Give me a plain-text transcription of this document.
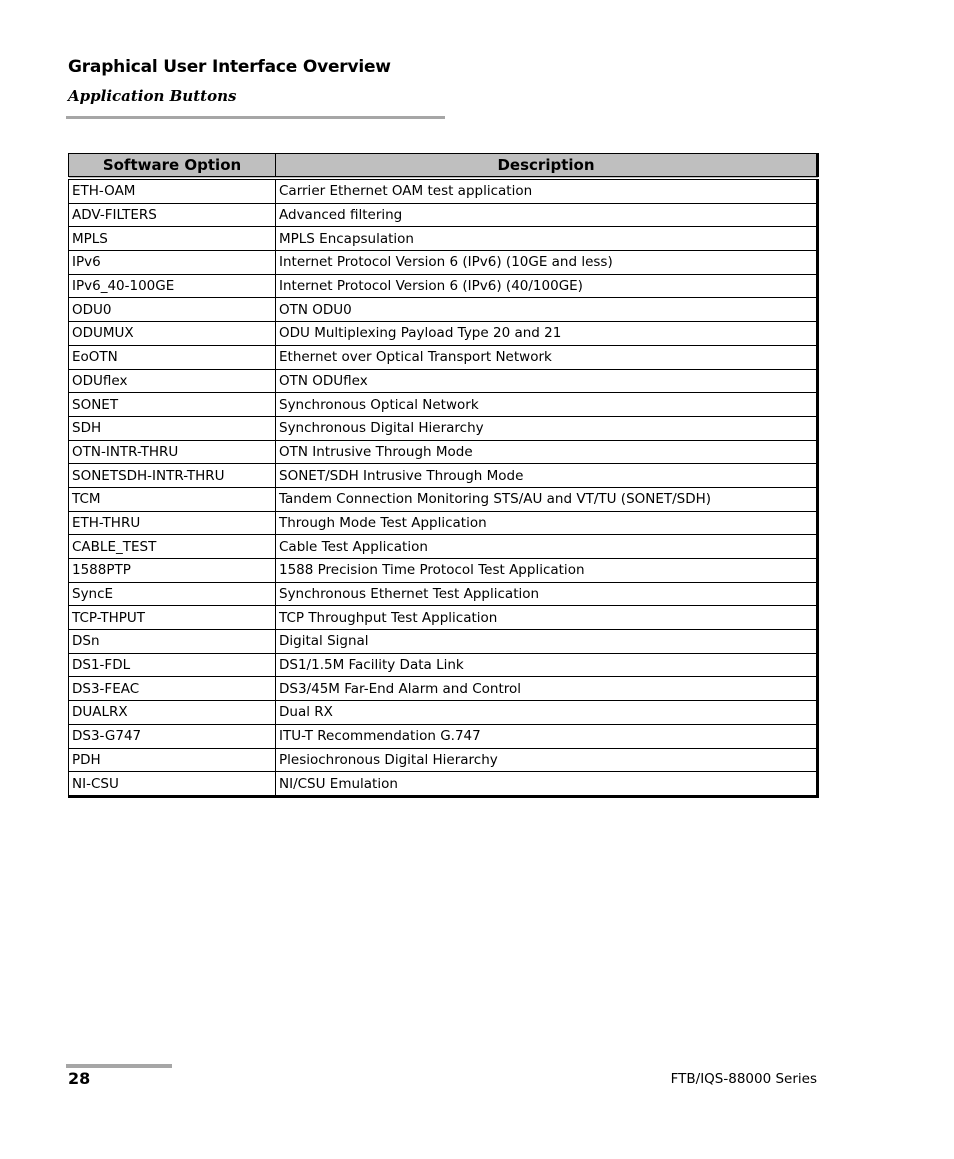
Graphical User Interface Overview
Application Buttons
Software Option	Description
ETH-OAM	Carrier Ethernet OAM test application
ADV-FILTERS	Advanced filtering
MPLS	MPLS Encapsulation
IPv6	Internet Protocol Version 6 (IPv6) (10GE and less)
IPv6_40-100GE	Internet Protocol Version 6 (IPv6) (40/100GE)
ODU0	OTN ODU0
ODUMUX	ODU Multiplexing Payload Type 20 and 21
EoOTN	Ethernet over Optical Transport Network
ODUflex	OTN ODUflex
SONET	Synchronous Optical Network
SDH	Synchronous Digital Hierarchy
OTN-INTR-THRU	OTN Intrusive Through Mode
SONETSDH-INTR-THRU	SONET/SDH Intrusive Through Mode
TCM	Tandem Connection Monitoring STS/AU and VT/TU (SONET/SDH)
ETH-THRU	Through Mode Test Application
CABLE_TEST	Cable Test Application
1588PTP	1588 Precision Time Protocol Test Application
SyncE	Synchronous Ethernet Test Application
TCP-THPUT	TCP Throughput Test Application
DSn	Digital Signal
DS1-FDL	DS1/1.5M Facility Data Link
DS3-FEAC	DS3/45M Far-End Alarm and Control
DUALRX	Dual RX
DS3-G747	ITU-T Recommendation G.747
PDH	Plesiochronous Digital Hierarchy
NI-CSU	NI/CSU Emulation
28	FTB/IQS-88000 Series
